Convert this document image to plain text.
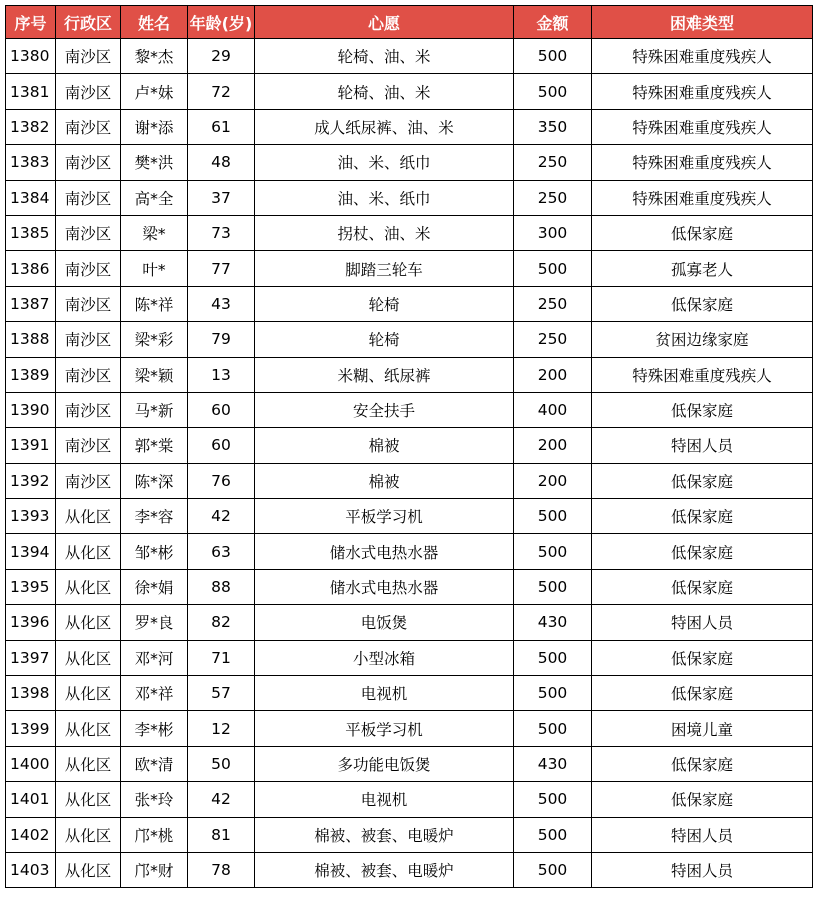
序号	行政区	姓名	年龄(岁)	心愿	金额	困难类型
1380	南沙区	黎*杰	29	轮椅、油、米	500	特殊困难重度残疾人
1381	南沙区	卢*妹	72	轮椅、油、米	500	特殊困难重度残疾人
1382	南沙区	谢*添	61	成人纸尿裤、油、米	350	特殊困难重度残疾人
1383	南沙区	樊*洪	48	油、米、纸巾	250	特殊困难重度残疾人
1384	南沙区	高*全	37	油、米、纸巾	250	特殊困难重度残疾人
1385	南沙区	梁*	73	拐杖、油、米	300	低保家庭
1386	南沙区	叶*	77	脚踏三轮车	500	孤寡老人
1387	南沙区	陈*祥	43	轮椅	250	低保家庭
1388	南沙区	梁*彩	79	轮椅	250	贫困边缘家庭
1389	南沙区	梁*颖	13	米糊、纸尿裤	200	特殊困难重度残疾人
1390	南沙区	马*新	60	安全扶手	400	低保家庭
1391	南沙区	郭*棠	60	棉被	200	特困人员
1392	南沙区	陈*深	76	棉被	200	低保家庭
1393	从化区	李*容	42	平板学习机	500	低保家庭
1394	从化区	邹*彬	63	储水式电热水器	500	低保家庭
1395	从化区	徐*娟	88	储水式电热水器	500	低保家庭
1396	从化区	罗*良	82	电饭煲	430	特困人员
1397	从化区	邓*河	71	小型冰箱	500	低保家庭
1398	从化区	邓*祥	57	电视机	500	低保家庭
1399	从化区	李*彬	12	平板学习机	500	困境儿童
1400	从化区	欧*清	50	多功能电饭煲	430	低保家庭
1401	从化区	张*玲	42	电视机	500	低保家庭
1402	从化区	邝*桃	81	棉被、被套、电暖炉	500	特困人员
1403	从化区	邝*财	78	棉被、被套、电暖炉	500	特困人员
